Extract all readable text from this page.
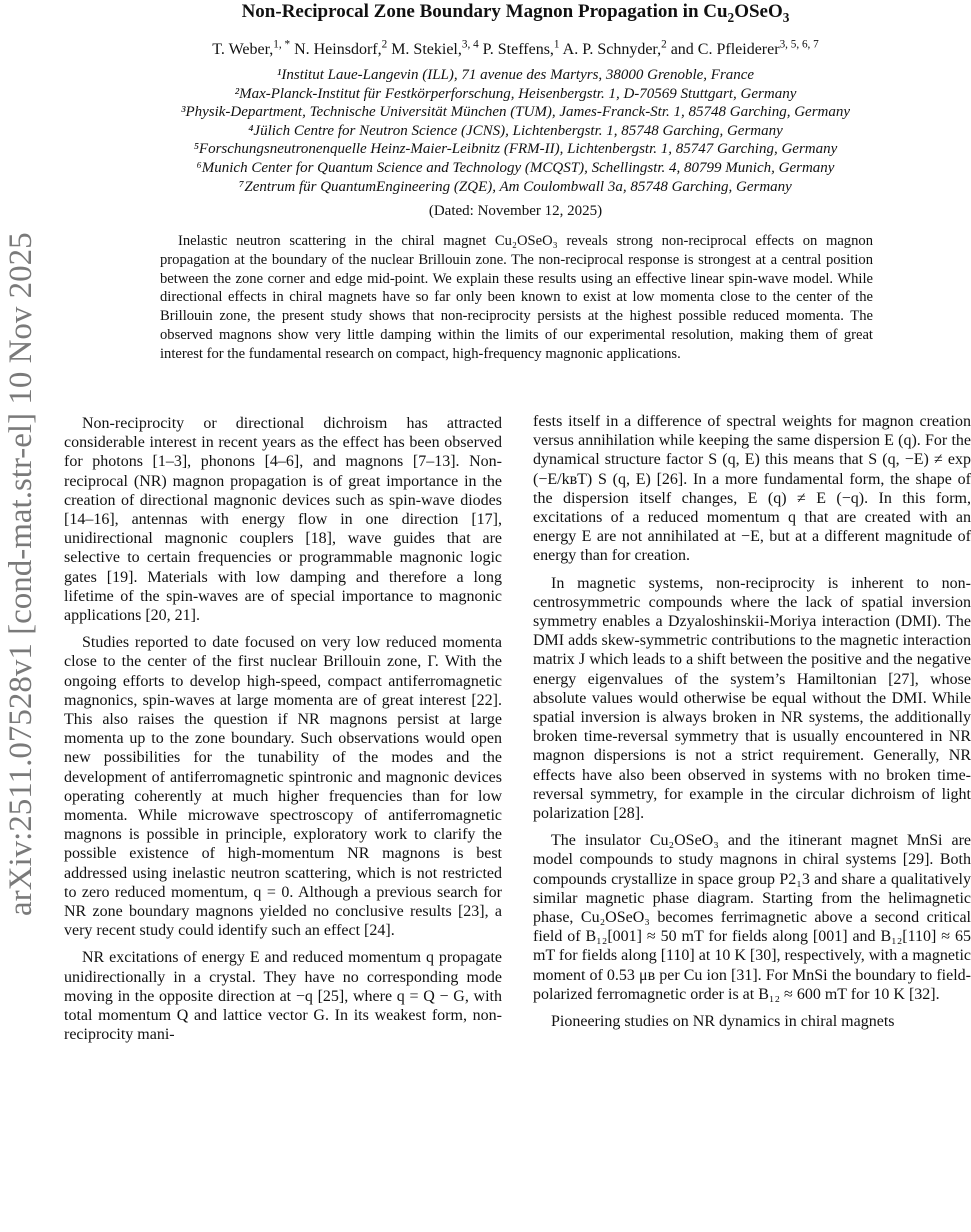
arXiv:2511.07528v1 [cond-mat.str-el] 10 Nov 2025
Non-Reciprocal Zone Boundary Magnon Propagation in $Cu_2OSeO_3$
T. Weber,$^{1, *}$ N. Heinsdorf,$^2$ M. Stekiel,$^{3, 4}$ P. Steffens,$^1$ A. P. Schnyder,$^2$ and C. Pfleiderer$^{3, 5, 6, 7}$
¹Institut Laue-Langevin (ILL), 71 avenue des Martyrs, 38000 Grenoble, France
²Max-Planck-Institut für Festkörperforschung, Heisenbergstr. 1, D-70569 Stuttgart, Germany
³Physik-Department, Technische Universität München (TUM), James-Franck-Str. 1, 85748 Garching, Germany
⁴Jülich Centre for Neutron Science (JCNS), Lichtenbergstr. 1, 85748 Garching, Germany
⁵Forschungsneutronenquelle Heinz-Maier-Leibnitz (FRM-II), Lichtenbergstr. 1, 85747 Garching, Germany
⁶Munich Center for Quantum Science and Technology (MCQST), Schellingstr. 4, 80799 Munich, Germany
⁷Zentrum für QuantumEngineering (ZQE), Am Coulombwall 3a, 85748 Garching, Germany
(Dated: November 12, 2025)
Inelastic neutron scattering in the chiral magnet Cu₂OSeO₃ reveals strong non-reciprocal effects on magnon propagation at the boundary of the nuclear Brillouin zone. The non-reciprocal response is strongest at a central position between the zone corner and edge mid-point. We explain these results using an effective linear spin-wave model. While directional effects in chiral magnets have so far only been known to exist at low momenta close to the center of the Brillouin zone, the present study shows that non-reciprocity persists at the highest possible reduced momenta. The observed magnons show very little damping within the limits of our experimental resolution, making them of great interest for the fundamental research on compact, high-frequency magnonic applications.

Non-reciprocity or directional dichroism has attracted considerable interest in recent years as the effect has been observed for photons [1–3], phonons [4–6], and magnons [7–13]. Non-reciprocal (NR) magnon propagation is of great importance in the creation of directional magnonic devices such as spin-wave diodes [14–16], antennas with energy flow in one direction [17], unidirectional magnonic couplers [18], wave guides that are selective to certain frequencies or programmable magnonic logic gates [19]. Materials with low damping and therefore a long lifetime of the spin-waves are of special importance to magnonic applications [20, 21].

Studies reported to date focused on very low reduced momenta close to the center of the first nuclear Brillouin zone, Γ. With the ongoing efforts to develop high-speed, compact antiferromagnetic magnonics, spin-waves at large momenta are of great interest [22]. This also raises the question if NR magnons persist at large momenta up to the zone boundary. Such observations would open new possibilities for the tunability of the modes and the development of antiferromagnetic spintronic and magnonic devices operating coherently at much higher frequencies than for low momenta. While microwave spectroscopy of antiferromagnetic magnons is possible in principle, exploratory work to clarify the possible existence of high-momentum NR magnons is best addressed using inelastic neutron scattering, which is not restricted to zero reduced momentum, q = 0. Although a previous search for NR zone boundary magnons yielded no conclusive results [23], a very recent study could identify such an effect [24].

NR excitations of energy E and reduced momentum q propagate unidirectionally in a crystal. They have no corresponding mode moving in the opposite direction at −q [25], where q = Q − G, with total momentum Q and lattice vector G. In its weakest form, non-reciprocity mani-

fests itself in a difference of spectral weights for magnon creation versus annihilation while keeping the same dispersion E (q). For the dynamical structure factor S (q, E) this means that S (q, −E) ≠ exp (−E/kʙT) S (q, E) [26]. In a more fundamental form, the shape of the dispersion itself changes, E (q) ≠ E (−q). In this form, excitations of a reduced momentum q that are created with an energy E are not annihilated at −E, but at a different magnitude of energy than for creation.

In magnetic systems, non-reciprocity is inherent to non-centrosymmetric compounds where the lack of spatial inversion symmetry enables a Dzyaloshinskii-Moriya interaction (DMI). The DMI adds skew-symmetric contributions to the magnetic interaction matrix J which leads to a shift between the positive and the negative energy eigenvalues of the system’s Hamiltonian [27], whose absolute values would otherwise be equal without the DMI. While spatial inversion is always broken in NR systems, the additionally broken time-reversal symmetry that is usually encountered in NR magnon dispersions is not a strict requirement. Generally, NR effects have also been observed in systems with no broken time-reversal symmetry, for example in the circular dichroism of light polarization [28].

The insulator Cu₂OSeO₃ and the itinerant magnet MnSi are model compounds to study magnons in chiral systems [29]. Both compounds crystallize in space group P2₁3 and share a qualitatively similar magnetic phase diagram. Starting from the helimagnetic phase, Cu₂OSeO₃ becomes ferrimagnetic above a second critical field of B₁₂[001] ≈ 50 mT for fields along [001] and B₁₂[110] ≈ 65 mT for fields along [110] at 10 K [30], respectively, with a magnetic moment of 0.53 μʙ per Cu ion [31]. For MnSi the boundary to field-polarized ferromagnetic order is at B₁₂ ≈ 600 mT for 10 K [32].

Pioneering studies on NR dynamics in chiral magnets
